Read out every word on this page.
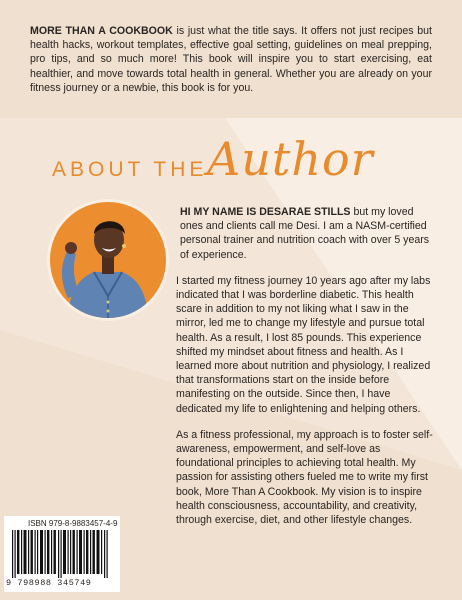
MORE THAN A COOKBOOK is just what the title says. It offers not just recipes but health hacks, workout templates, effective goal setting, guidelines on meal prepping, pro tips, and so much more! This book will inspire you to start exercising, eat healthier, and move towards total health in general. Whether you are already on your fitness journey or a newbie, this book is for you.

ABOUT THE Author

HI MY NAME IS DESARAE STILLS but my loved ones and clients call me Desi. I am a NASM-certified personal trainer and nutrition coach with over 5 years of experience.

I started my fitness journey 10 years ago after my labs indicated that I was borderline diabetic. This health scare in addition to my not liking what I saw in the mirror, led me to change my lifestyle and pursue total health. As a result, I lost 85 pounds. This experience shifted my mindset about fitness and health. As I learned more about nutrition and physiology, I realized that transformations start on the inside before manifesting on the outside. Since then, I have dedicated my life to enlightening and helping others.

As a fitness professional, my approach is to foster self-awareness, empowerment, and self-love as foundational principles to achieving total health. My passion for assisting others fueled me to write my first book, More Than A Cookbook. My vision is to inspire health consciousness, accountability, and creativity, through exercise, diet, and other lifestyle changes.

ISBN 979-8-9883457-4-9
9 798988 345749
